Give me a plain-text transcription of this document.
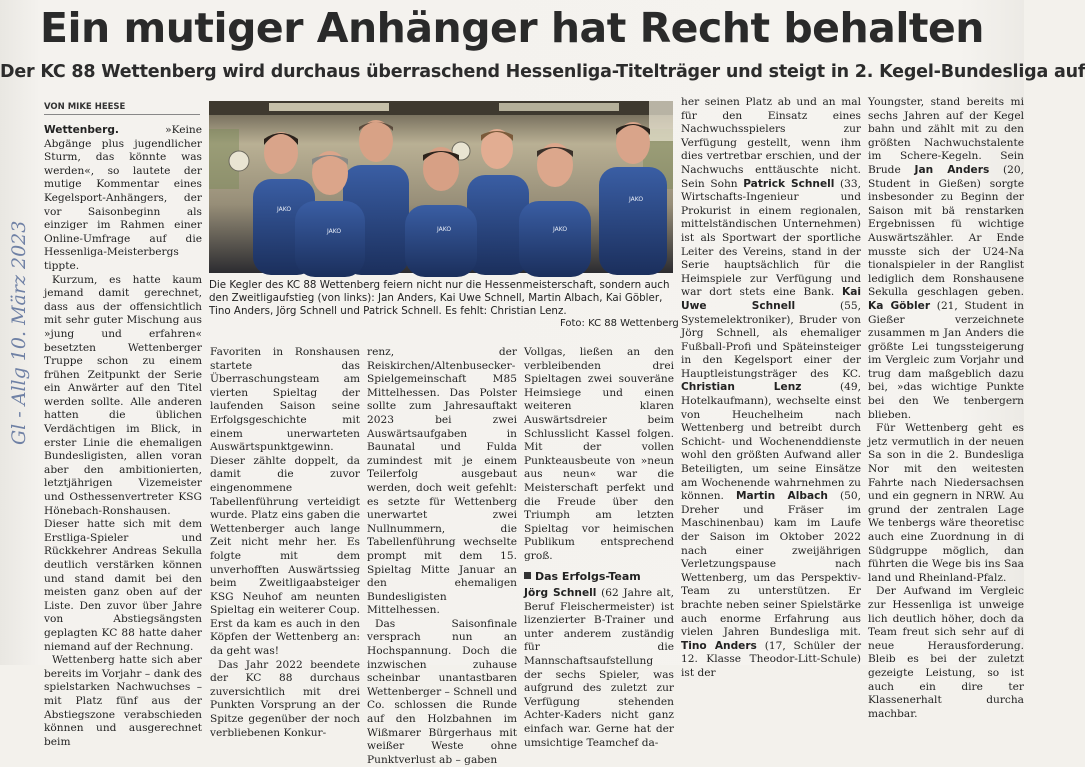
Ein mutiger Anhänger hat Recht behalten
Der KC 88 Wettenberg wird durchaus überraschend Hessenliga-Titelträger und steigt in 2. Kegel-Bundesliga auf
VON MIKE HEESE
Gl - Allg 10. März 2023

Wettenberg. »Keine Abgänge plus jugendlicher Sturm, das könnte was werden«, so lautete der mutige Kommentar eines Kegelsport-Anhängers, der vor Saisonbeginn als einziger im Rahmen einer Online-Umfrage auf die Hessenliga-Meisterbergs tippte.

Kurzum, es hatte kaum jemand damit gerechnet, dass aus der offensichtlich mit sehr guter Mischung aus »jung und erfahren« besetzten Wettenberger Truppe schon zu einem frühen Zeitpunkt der Serie ein Anwärter auf den Titel werden sollte. Alle anderen hatten die üblichen Verdächtigen im Blick, in erster Linie die ehemaligen Bundesligisten, allen voran aber den ambitionierten, letztjährigen Vizemeister und Osthessenvertreter KSG Hönebach-Ronshausen. Dieser hatte sich mit dem Erstliga-Spieler und Rückkehrer Andreas Sekulla deutlich verstärken können und stand damit bei den meisten ganz oben auf der Liste. Den zuvor über Jahre von Abstiegsängsten geplagten KC 88 hatte daher niemand auf der Rechnung.

Wettenberg hatte sich aber bereits im Vorjahr – dank des spielstarken Nachwuchses – mit Platz fünf aus der Abstiegszone verabschieden können und ausgerechnet beim

JAKO
JAKO	JAKO	JAKO
JAKO
Die Kegler des KC 88 Wettenberg feiern nicht nur die Hessenmeisterschaft, sondern auch den Zweitligaufstieg (von links): Jan Anders, Kai Uwe Schnell, Martin Albach, Kai Göbler, Tino Anders, Jörg Schnell und Patrick Schnell. Es fehlt: Christian Lenz.
Foto: KC 88 Wettenberg

Favoriten in Ronshausen startete das Überraschungsteam am vierten Spieltag der laufenden Saison seine Erfolgsgeschichte mit einem unerwarteten Auswärtspunktgewinn. Dieser zählte doppelt, da damit die zuvor eingenommene Tabellenführung verteidigt wurde. Platz eins gaben die Wettenberger auch lange Zeit nicht mehr her. Es folgte mit dem unverhofften Auswärtssieg beim Zweitligaabsteiger KSG Neuhof am neunten Spieltag ein weiterer Coup. Erst da kam es auch in den Köpfen der Wettenberg an: da geht was!

Das Jahr 2022 beendete der KC 88 durchaus zuversichtlich mit drei Punkten Vorsprung an der Spitze gegenüber der noch verbliebenen Konkur-

renz, der Reiskirchen/Altenbusecker-Spielgemeinschaft M85 Mittelhessen. Das Polster sollte zum Jahresauftakt 2023 bei zwei Auswärtsaufgaben in Baunatal und Fulda zumindest mit je einem Teilerfolg ausgebaut werden, doch weit gefehlt: es setzte für Wettenberg unerwartet zwei Nullnummern, die Tabellenführung wechselte prompt mit dem 15. Spieltag Mitte Januar an den ehemaligen Bundesligisten Mittelhessen.

Das Saisonfinale versprach nun an Hochspannung. Doch die inzwischen zuhause scheinbar unantastbaren Wettenberger – Schnell und Co. schlossen die Runde auf den Holzbahnen im Wißmarer Bürgerhaus mit weißer Weste ohne Punktverlust ab – gaben

Vollgas, ließen an den verbleibenden drei Spieltagen zwei souveräne Heimsiege und einen weiteren klaren Auswärtsdreier beim Schlusslicht Kassel folgen. Mit der vollen Punkteausbeute von »neun aus neun« war die Meisterschaft perfekt und die Freude über den Triumph am letzten Spieltag vor heimischen Publikum entsprechend groß.

Das Erfolgs-Team

Jörg Schnell (62 Jahre alt, Beruf Fleischermeister) ist lizenzierter B-Trainer und unter anderem zuständig für die Mannschaftsaufstellung der sechs Spieler, was aufgrund des zuletzt zur Verfügung stehenden Achter-Kaders nicht ganz einfach war. Gerne hat der umsichtige Teamchef da-

her seinen Platz ab und an mal für den Einsatz eines Nachwuchsspielers zur Verfügung gestellt, wenn ihm dies vertretbar erschien, und der Nachwuchs enttäuschte nicht. Sein Sohn Patrick Schnell (33, Wirtschafts-Ingenieur und Prokurist in einem regionalen, mittelständischen Unternehmen) ist als Sportwart der sportliche Leiter des Vereins, stand in der Serie hauptsächlich für die Heimspiele zur Verfügung und war dort stets eine Bank. Kai Uwe Schnell (55, Systemelektroniker), Bruder von Jörg Schnell, als ehemaliger Fußball-Profi und Späteinsteiger in den Kegelsport einer der Hauptleistungsträger des KC. Christian Lenz (49, Hotelkaufmann), wechselte einst von Heuchelheim nach Wettenberg und betreibt durch Schicht- und Wochenenddienste wohl den größten Aufwand aller Beteiligten, um seine Einsätze am Wochenende wahrnehmen zu können. Martin Albach (50, Dreher und Fräser im Maschinenbau) kam im Laufe der Saison im Oktober 2022 nach einer zweijährigen Verletzungspause nach Wettenberg, um das Perspektiv-Team zu unterstützen. Er brachte neben seiner Spielstärke auch enorme Erfahrung aus vielen Jahren Bundesliga mit. Tino Anders (17, Schüler der 12. Klasse Theodor-Litt-Schule) ist der

Youngster, stand bereits mi sechs Jahren auf der Kegel bahn und zählt mit zu den größten Nachwuchstalente im Schere-Kegeln. Sein Brude Jan Anders (20, Student in Gießen) sorgte insbesonder zu Beginn der Saison mit bä renstarken Ergebnissen fü wichtige Auswärtszähler. Ar Ende musste sich der U24-Na tionalspieler in der Ranglist lediglich dem Ronshausene Sekulla geschlagen geben. Ka Göbler (21, Student in Gießer verzeichnete zusammen m Jan Anders die größte Lei tungssteigerung im Vergleic zum Vorjahr und trug dam maßgeblich dazu bei, »das wichtige Punkte bei den We tenbergern blieben.

Für Wettenberg geht es jetz vermutlich in der neuen Sa son in die 2. Bundesliga Nor mit den weitesten Fahrte nach Niedersachsen und ein gegnern in NRW. Au grund der zentralen Lage We tenbergs wäre theoretisc auch eine Zuordnung in di Südgruppe möglich, dan führten die Wege bis ins Saa land und Rheinland-Pfalz.

Der Aufwand im Vergleic zur Hessenliga ist unweige lich deutlich höher, doch da Team freut sich sehr auf di neue Herausforderung. Bleib es bei der zuletzt gezeigte Leistung, so ist auch ein dire ter Klassenerhalt durcha machbar.
